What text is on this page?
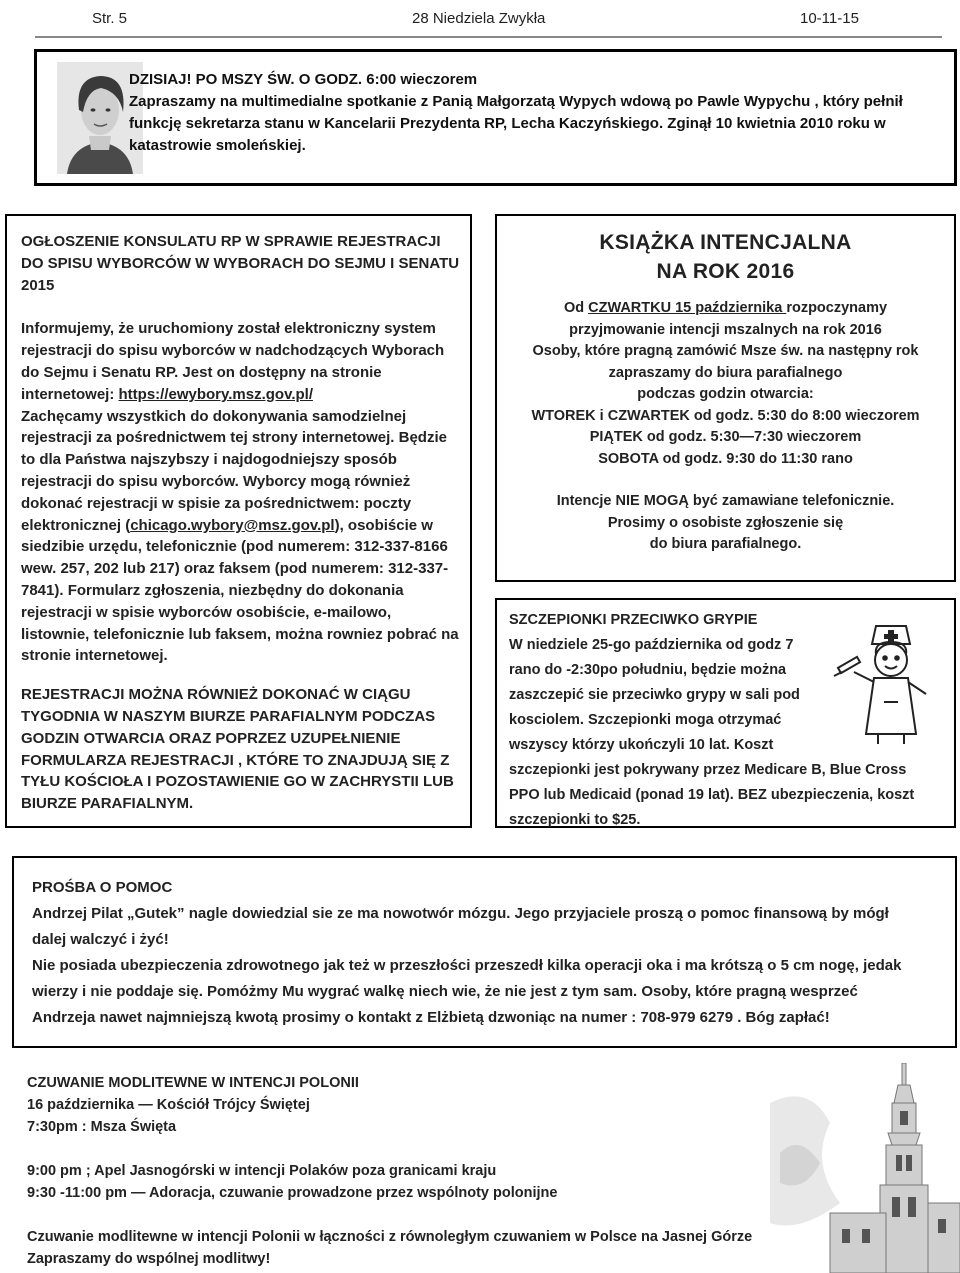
Str. 5	28 Niedziela Zwykła	10-11-15

DZISIAJ! PO MSZY ŚW. O GODZ. 6:00 wieczorem

Zapraszamy na multimedialne spotkanie z Panią Małgorzatą Wypych wdową po Pawle Wypychu , który pełnił

funkcję sekretarza stanu w Kancelarii Prezydenta RP, Lecha Kaczyńskiego. Zginął 10 kwietnia 2010 roku w

katastrowie smoleńskiej.

OGŁOSZENIE KONSULATU RP W SPRAWIE REJESTRACJI DO SPISU WYBORCÓW W WYBORACH DO SEJMU I SENATU 2015

Informujemy, że uruchomiony został elektroniczny system rejestracji do spisu wyborców w nadchodzących Wyborach do Sejmu i Senatu RP. Jest on dostępny na stronie internetowej: https://ewybory.msz.gov.pl/

Zachęcamy wszystkich do dokonywania samodzielnej rejestracji za pośrednictwem tej strony internetowej. Będzie to dla Państwa najszybszy i najdogodniejszy sposób rejestracji do spisu wyborców. Wyborcy mogą również dokonać rejestracji w spisie za pośrednictwem: poczty elektronicznej (chicago.wybory@msz.gov.pl), osobiście w siedzibie urzędu, telefonicznie (pod numerem: 312-337-8166 wew. 257, 202 lub 217) oraz faksem (pod numerem: 312-337-7841). Formularz zgłoszenia, niezbędny do dokonania rejestracji w spisie wyborców osobiście, e-mailowo, listownie, telefonicznie lub faksem, można rowniez pobrać na stronie internetowej.

REJESTRACJI MOŻNA RÓWNIEŻ DOKONAĆ W CIĄGU TYGODNIA W NASZYM BIURZE PARAFIALNYM PODCZAS GODZIN OTWARCIA ORAZ POPRZEZ UZUPEŁNIENIE FORMULARZA REJESTRACJI , KTÓRE TO ZNAJDUJĄ SIĘ Z TYŁU KOŚCIOŁA I POZOSTAWIENIE GO W ZACHRYSTII LUB BIURZE PARAFIALNYM.

KSIĄŻKA INTENCJALNA
NA ROK 2016
Od CZWARTKU 15 października rozpoczynamy
przyjmowanie intencji mszalnych na rok 2016
Osoby, które pragną zamówić Msze św. na następny rok
zapraszamy do biura parafialnego
podczas godzin otwarcia:
WTOREK i CZWARTEK od godz. 5:30 do 8:00 wieczorem
PIĄTEK od godz. 5:30—7:30 wieczorem
SOBOTA od godz. 9:30 do 11:30 rano
Intencje NIE MOGĄ być zamawiane telefonicznie.
Prosimy o osobiste zgłoszenie się
do biura parafialnego.
SZCZEPIONKI PRZECIWKO GRYPIE
W niedziele 25-go października od godz 7
rano do -2:30po południu, będzie można
zaszczepić sie przeciwko grypy w sali pod
kosciolem. Szczepionki moga otrzymać
wszyscy którzy ukończyli 10 lat. Koszt
szczepionki jest pokrywany przez Medicare B, Blue Cross
PPO lub Medicaid (ponad 19 lat). BEZ ubezpieczenia, koszt
szczepionki to $25.
PROŚBA O POMOC
Andrzej Pilat „Gutek” nagle dowiedzial sie ze ma nowotwór mózgu. Jego przyjaciele proszą o pomoc finansową by mógł
dalej walczyć i żyć!
Nie posiada ubezpieczenia zdrowotnego jak też w przeszłości przeszedł kilka operacji oka i ma krótszą o 5 cm nogę, jedak
wierzy i nie poddaje się. Pomóżmy Mu wygrać walkę niech wie, że nie jest z tym sam. Osoby, które pragną wesprzeć
Andrzeja nawet najmniejszą kwotą prosimy o kontakt z Elżbietą dzwoniąc na numer : 708-979 6279 . Bóg zapłać!
CZUWANIE MODLITEWNE W INTENCJI POLONII
16 października — Kościół Trójcy Świętej
7:30pm : Msza Święta
9:00 pm ; Apel Jasnogórski w intencji Polaków poza granicami kraju
9:30 -11:00 pm — Adoracja, czuwanie prowadzone przez wspólnoty polonijne
Czuwanie modlitewne w intencji Polonii w łączności z równoległym czuwaniem w Polsce na Jasnej Górze
Zapraszamy do wspólnej modlitwy!
